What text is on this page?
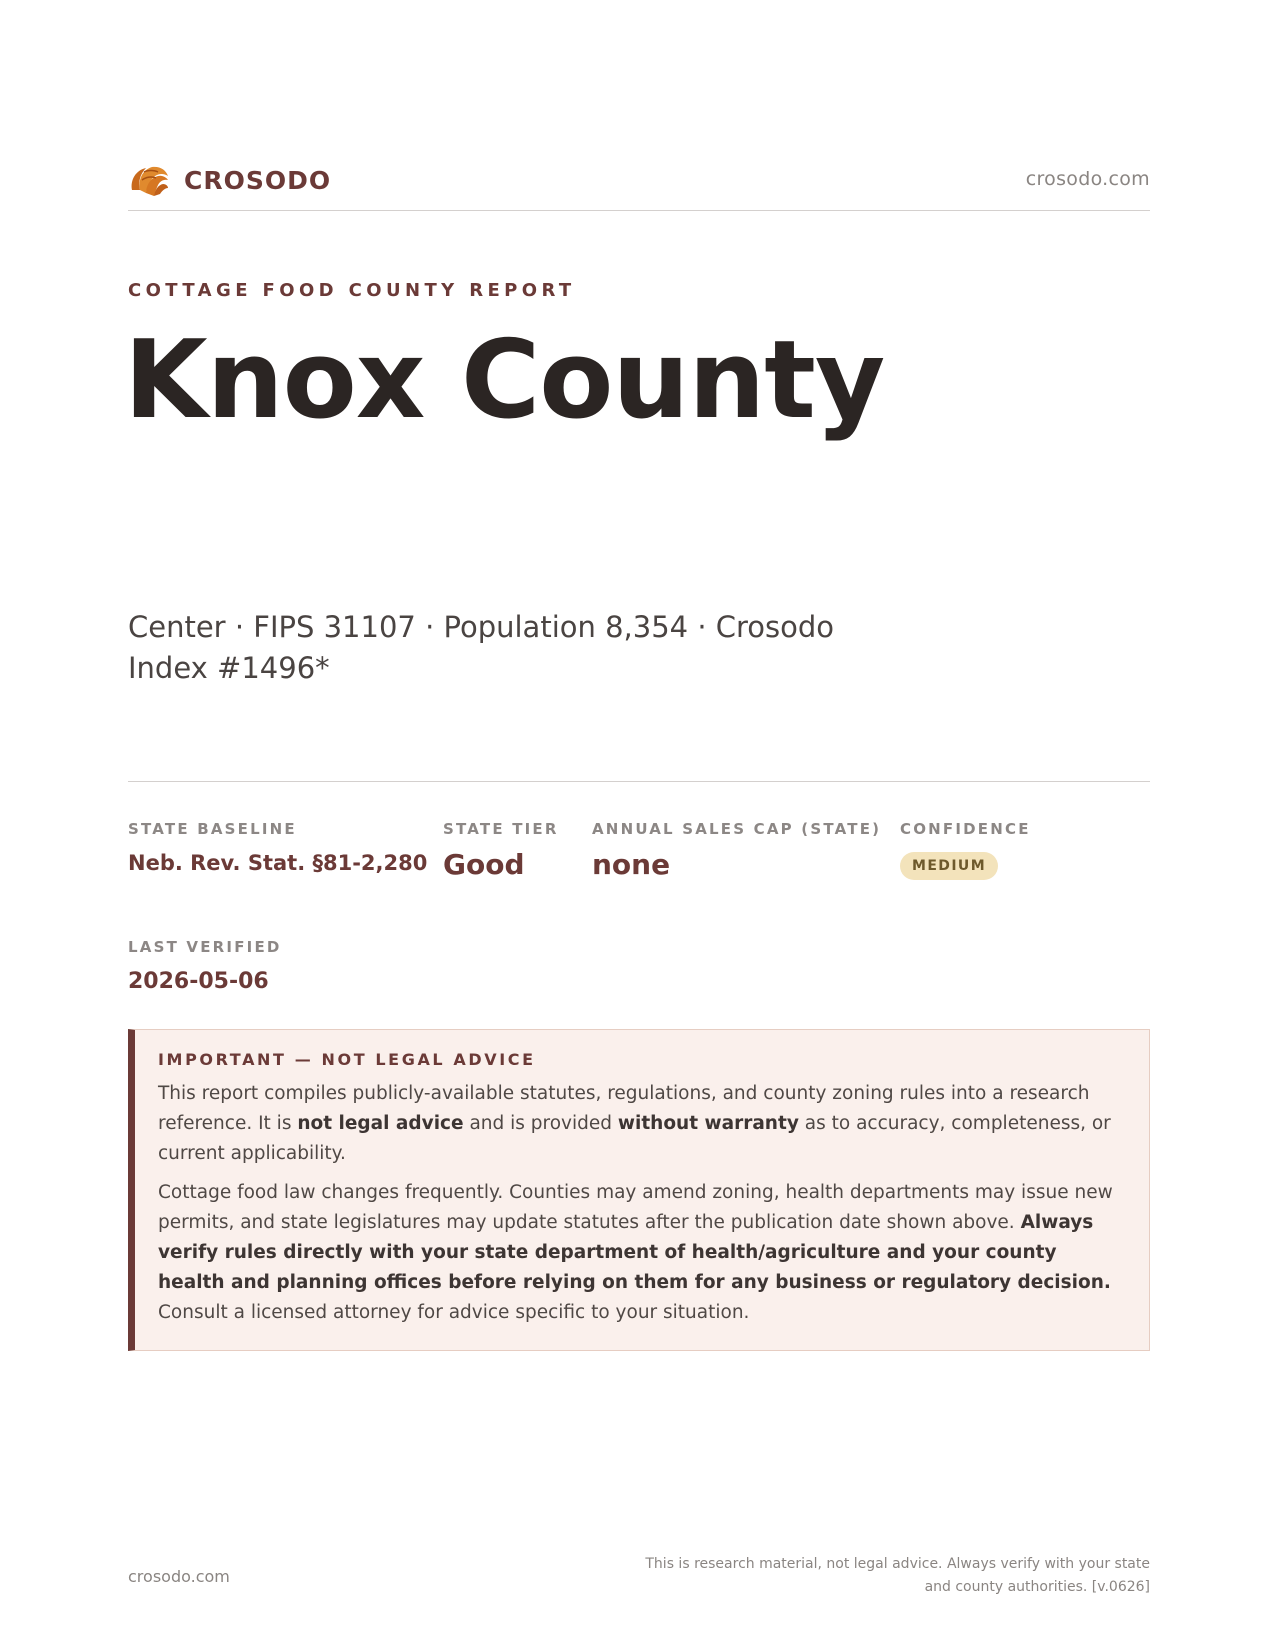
CROSODO	crosodo.com
COTTAGE FOOD COUNTY REPORT
Knox County
Center · FIPS 31107 · Population 8,354 · Crosodo Index #1496*
STATE BASELINE
Neb. Rev. Stat. §81-2,280
STATE TIER
Good
ANNUAL SALES CAP (STATE)
none
CONFIDENCE
MEDIUM
LAST VERIFIED
2026-05-06
IMPORTANT — NOT LEGAL ADVICE

This report compiles publicly-available statutes, regulations, and county zoning rules into a research reference. It is not legal advice and is provided without warranty as to accuracy, completeness, or current applicability.

Cottage food law changes frequently. Counties may amend zoning, health departments may issue new permits, and state legislatures may update statutes after the publication date shown above. Always verify rules directly with your state department of health/agriculture and your county health and planning offices before relying on them for any business or regulatory decision. Consult a licensed attorney for advice specific to your situation.

crosodo.com
This is research material, not legal advice. Always verify with your state and county authorities. [v.0626]
